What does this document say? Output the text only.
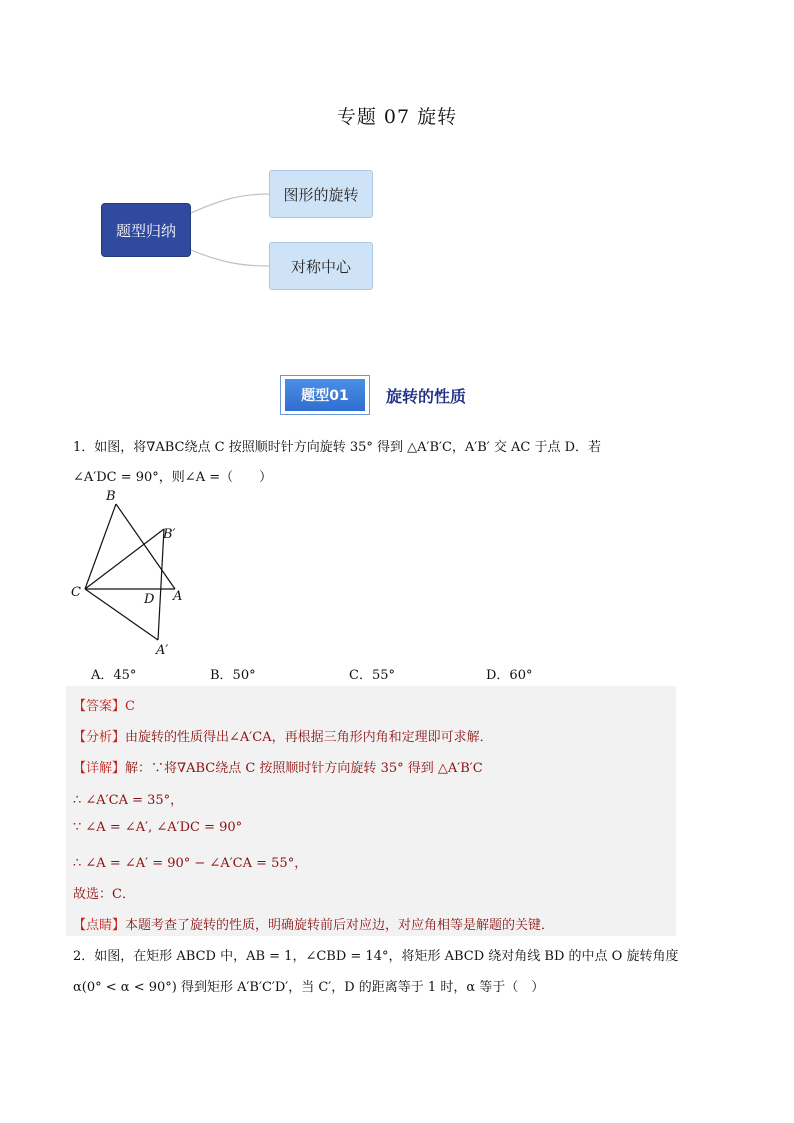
专题 07 旋转
题型归纳
图形的旋转
对称中心
题型01	旋转的性质
1．如图，将∇ABC绕点 C 按照顺时针方向旋转 35° 得到 △A′B′C，A′B′ 交 AC 于点 D．若
∠A′DC = 90°，则∠A =（　　）
B
B′
C	D A
A′
A．45°	B．50°	C．55°	D．60°
【答案】C
【分析】由旋转的性质得出∠A′CA，再根据三角形内角和定理即可求解．
【详解】解：∵将∇ABC绕点 C 按照顺时针方向旋转 35° 得到 △A′B′C
∴ ∠A′CA = 35°，
∵ ∠A = ∠A′, ∠A′DC = 90°
∴ ∠A = ∠A′ = 90° − ∠A′CA = 55°，
故选：C．
【点睛】本题考查了旋转的性质，明确旋转前后对应边，对应角相等是解题的关键．
2．如图，在矩形 ABCD 中，AB = 1，∠CBD = 14°，将矩形 ABCD 绕对角线 BD 的中点 O 旋转角度
α(0° < α < 90°) 得到矩形 A′B′C′D′，当 C′，D 的距离等于 1 时，α 等于（　）
